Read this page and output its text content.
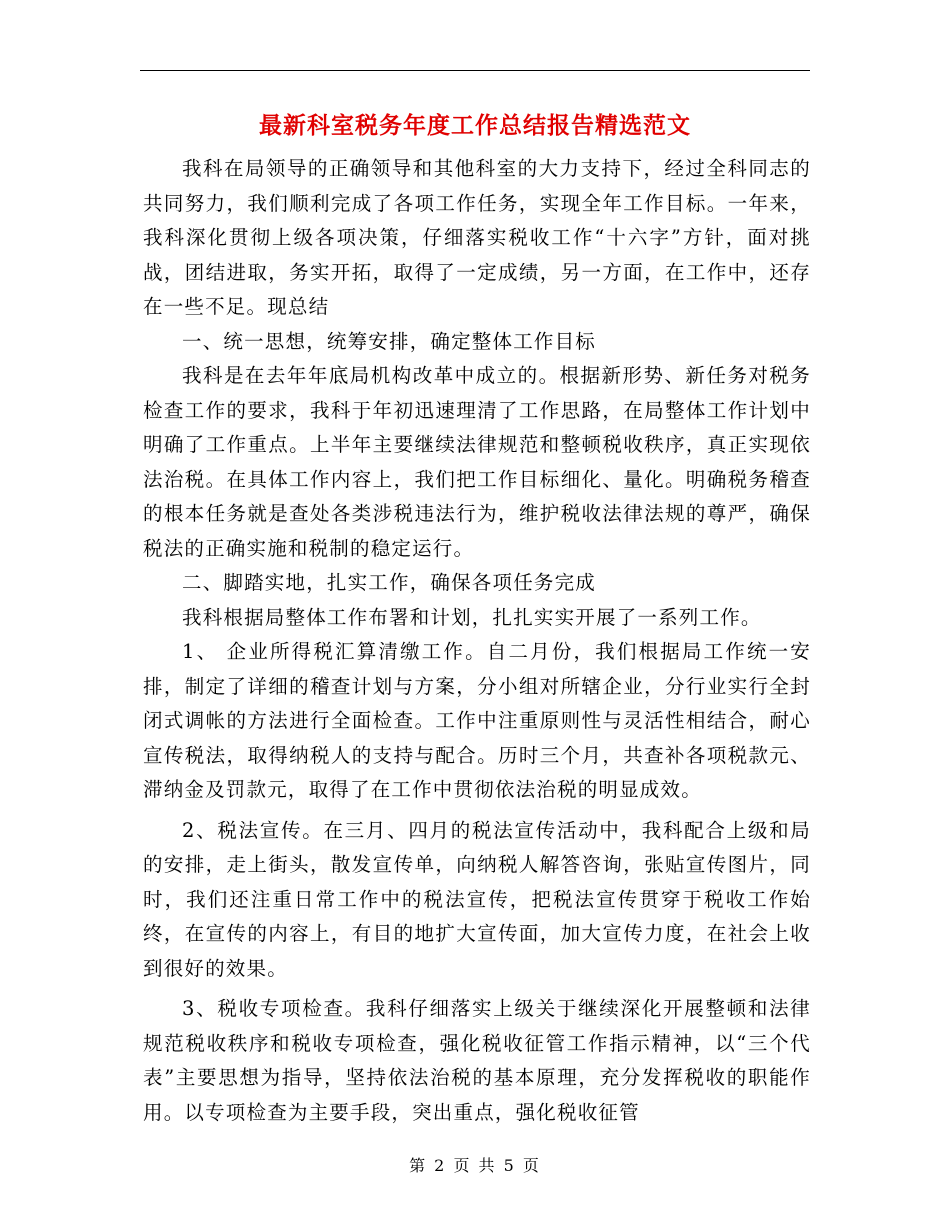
最新科室税务年度工作总结报告精选范文

我科在局领导的正确领导和其他科室的大力支持下，经过全科同志的共同努力，我们顺利完成了各项工作任务，实现全年工作目标。一年来，我科深化贯彻上级各项决策，仔细落实税收工作“十六字”方针，面对挑战，团结进取，务实开拓，取得了一定成绩，另一方面，在工作中，还存在一些不足。现总结

一、统一思想，统筹安排，确定整体工作目标

我科是在去年年底局机构改革中成立的。根据新形势、新任务对税务检查工作的要求，我科于年初迅速理清了工作思路，在局整体工作计划中明确了工作重点。上半年主要继续法律规范和整顿税收秩序，真正实现依法治税。在具体工作内容上，我们把工作目标细化、量化。明确税务稽查的根本任务就是查处各类涉税违法行为，维护税收法律法规的尊严，确保税法的正确实施和税制的稳定运行。

二、脚踏实地，扎实工作，确保各项任务完成

我科根据局整体工作布署和计划，扎扎实实开展了一系列工作。

1、 企业所得税汇算清缴工作。自二月份，我们根据局工作统一安排，制定了详细的稽查计划与方案，分小组对所辖企业，分行业实行全封闭式调帐的方法进行全面检查。工作中注重原则性与灵活性相结合，耐心宣传税法，取得纳税人的支持与配合。历时三个月，共查补各项税款元、滞纳金及罚款元，取得了在工作中贯彻依法治税的明显成效。

2、税法宣传。在三月、四月的税法宣传活动中，我科配合上级和局的安排，走上街头，散发宣传单，向纳税人解答咨询，张贴宣传图片，同时，我们还注重日常工作中的税法宣传，把税法宣传贯穿于税收工作始终，在宣传的内容上，有目的地扩大宣传面，加大宣传力度，在社会上收到很好的效果。

3、税收专项检查。我科仔细落实上级关于继续深化开展整顿和法律规范税收秩序和税收专项检查，强化税收征管工作指示精神，以“三个代表”主要思想为指导，坚持依法治税的基本原理，充分发挥税收的职能作用。以专项检查为主要手段，突出重点，强化税收征管

第 2 页 共 5 页
